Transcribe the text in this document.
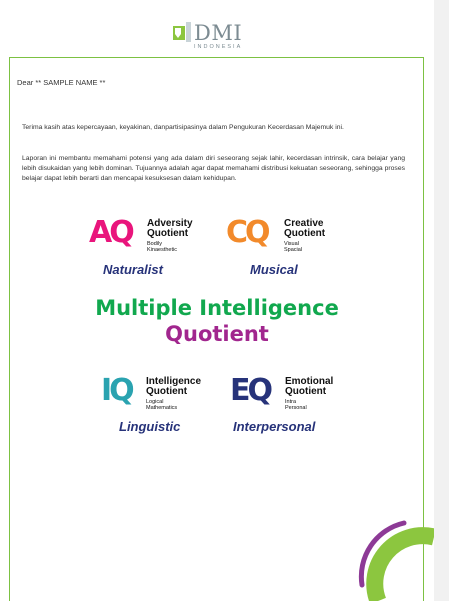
DMI
INDONESIA
Dear ** SAMPLE NAME **
Terima kasih atas kepercayaan, keyakinan, danpartisipasinya dalam Pengukuran Kecerdasan Majemuk ini.
Laporan ini membantu memahami potensi yang ada dalam diri seseorang sejak lahir, kecerdasan intrinsik, cara belajar yang lebih disukaidan yang lebih dominan. Tujuannya adalah agar dapat memahami distribusi kekuatan seseorang, sehingga proses belajar dapat lebih berarti dan mencapai kesuksesan dalam kehidupan.
AQ Adversity
Quotient
Bodily
Kinaesthetic
Naturalist
CQ Creative
Quotient
Visual
Spacial
Musical
Multiple Intelligence
Quotient
IQ Intelligence
Quotient
Logical
Mathematics
Linguistic
EQ Emotional
Quotient
Intra
Personal
Interpersonal
